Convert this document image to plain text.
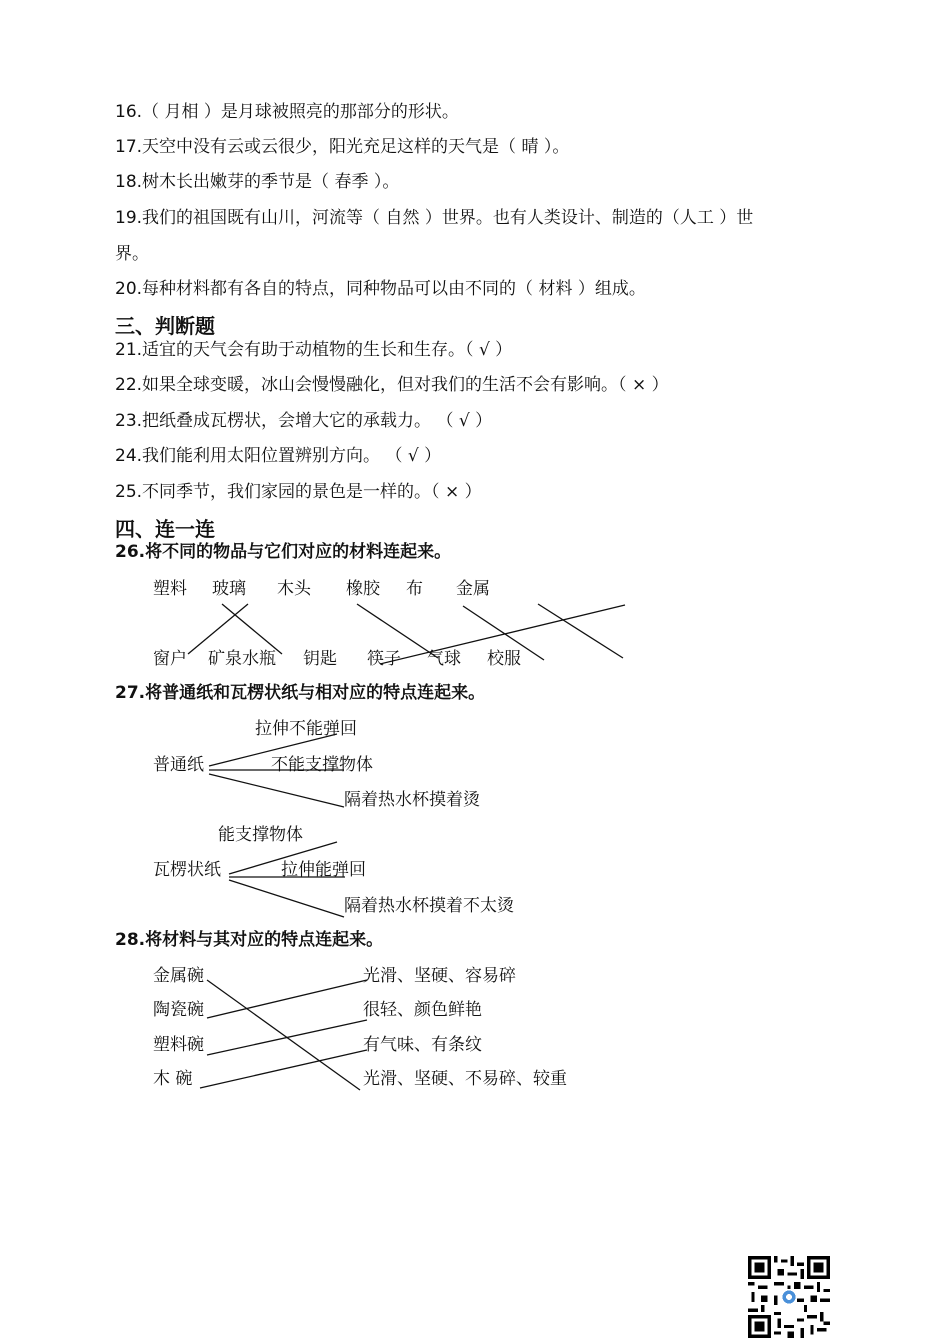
16.（ 月相 ）是月球被照亮的那部分的形状。
17.天空中没有云或云很少，阳光充足这样的天气是（ 晴 ）。
18.树木长出嫩芽的季节是（ 春季 ）。
19.我们的祖国既有山川，河流等（ 自然 ）世界。也有人类设计、制造的（人工 ）世
界。
20.每种材料都有各自的特点，同种物品可以由不同的（ 材料 ）组成。
三、判断题
21.适宜的天气会有助于动植物的生长和生存。（ √ ）
22.如果全球变暖，冰山会慢慢融化，但对我们的生活不会有影响。（ × ）
23.把纸叠成瓦楞状，会增大它的承载力。 （ √ ）
24.我们能利用太阳位置辨别方向。 （ √ ）
25.不同季节，我们家园的景色是一样的。（ × ）
四、连一连
26.将不同的物品与它们对应的材料连起来。
塑料 玻璃 木头 橡胶 布 金属
窗户 矿泉水瓶 钥匙 筷子 气球 校服
27.将普通纸和瓦楞状纸与相对应的特点连起来。
拉伸不能弹回
普通纸	不能支撑物体
隔着热水杯摸着烫
能支撑物体
瓦楞状纸	拉伸能弹回
隔着热水杯摸着不太烫
28.将材料与其对应的特点连起来。
金属碗
陶瓷碗
塑料碗
木 碗
光滑、坚硬、容易碎
很轻、颜色鲜艳
有气味、有条纹
光滑、坚硬、不易碎、较重
